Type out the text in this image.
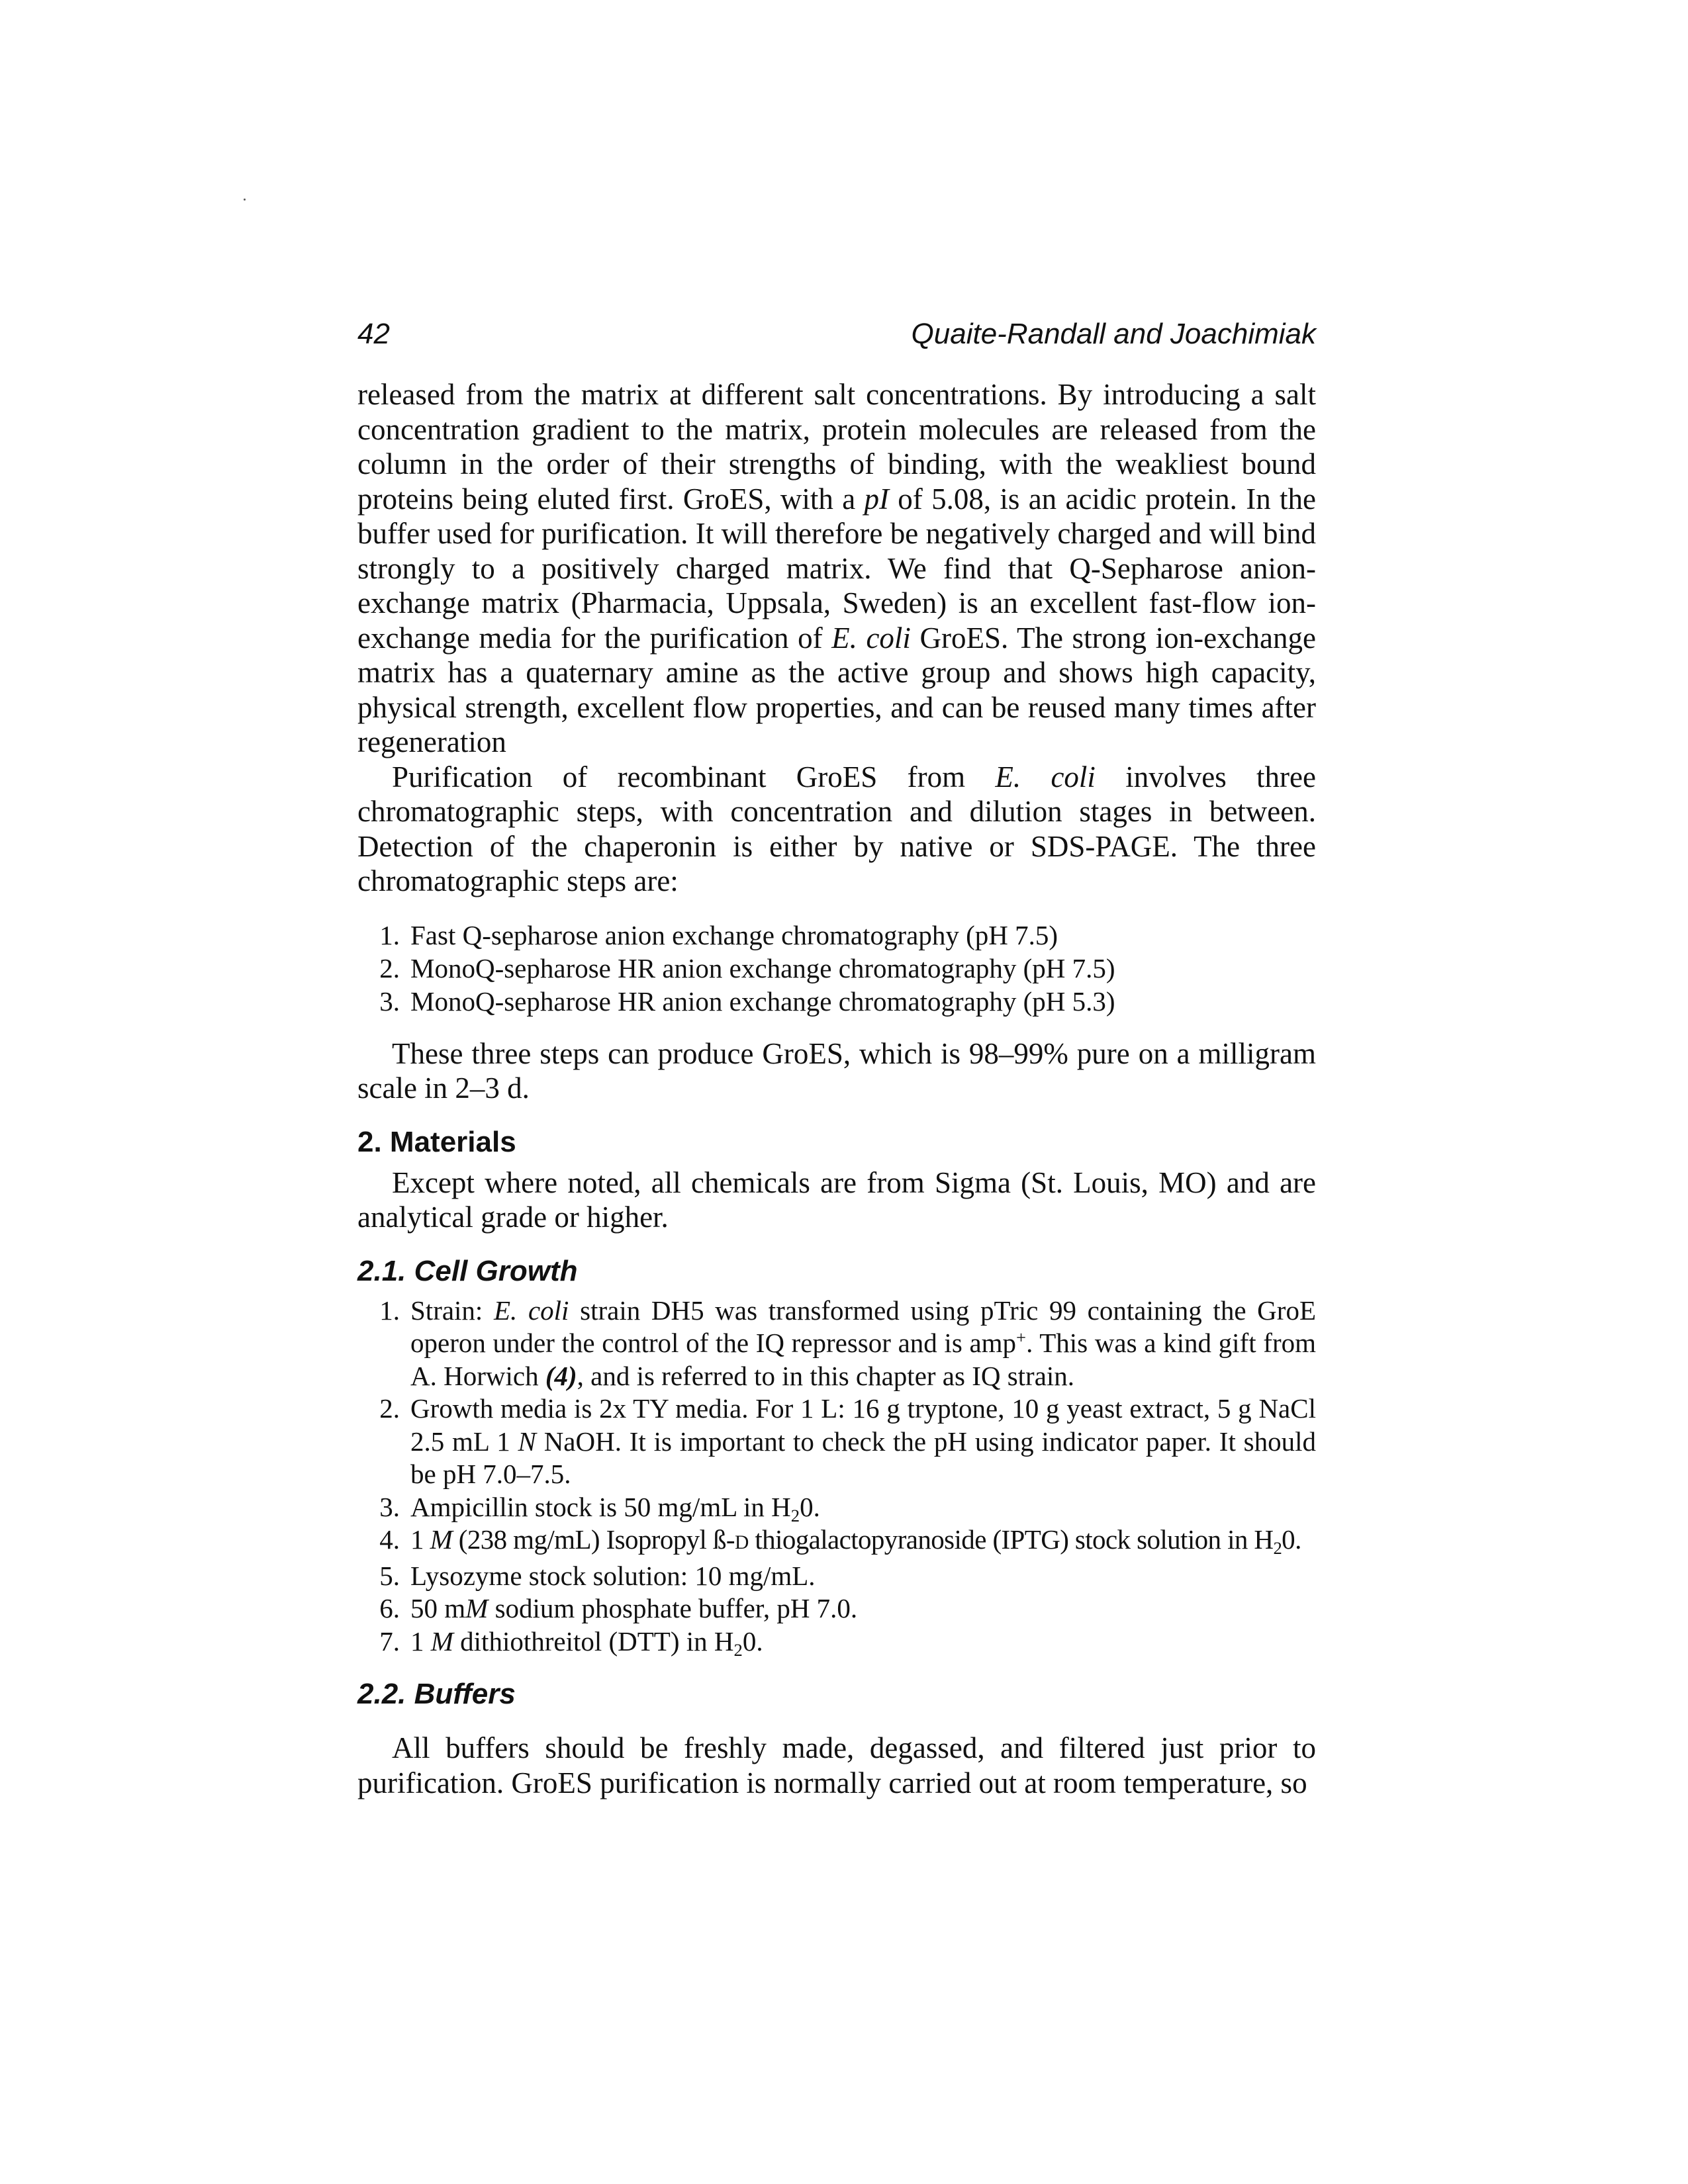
42	Quaite-Randall and Joachimiak

released from the matrix at different salt concentrations. By introducing a salt concentration gradient to the matrix, protein molecules are released from the column in the order of their strengths of binding, with the weakliest bound proteins being eluted first. GroES, with a pI of 5.08, is an acidic protein. In the buffer used for purification. It will therefore be negatively charged and will bind strongly to a positively charged matrix. We find that Q-Sepharose anion-exchange matrix (Pharmacia, Uppsala, Sweden) is an excellent fast-flow ion-exchange media for the purification of E. coli GroES. The strong ion-exchange matrix has a quaternary amine as the active group and shows high capacity, physical strength, excellent flow properties, and can be reused many times after regeneration

Purification of recombinant GroES from E. coli involves three chromatographic steps, with concentration and dilution stages in between. Detection of the chaperonin is either by native or SDS-PAGE. The three chromatographic steps are:

1. Fast Q-sepharose anion exchange chromatography (pH 7.5)
2. MonoQ-sepharose HR anion exchange chromatography (pH 7.5)
3. MonoQ-sepharose HR anion exchange chromatography (pH 5.3)

These three steps can produce GroES, which is 98–99% pure on a milligram scale in 2–3 d.

2. Materials

Except where noted, all chemicals are from Sigma (St. Louis, MO) and are analytical grade or higher.

2.1. Cell Growth
1. Strain: E. coli strain DH5 was transformed using pTric 99 containing the GroE operon under the control of the IQ repressor and is amp+. This was a kind gift from A. Horwich (4), and is referred to in this chapter as IQ strain.
2. Growth media is 2x TY media. For 1 L: 16 g tryptone, 10 g yeast extract, 5 g NaCl 2.5 mL 1 N NaOH. It is important to check the pH using indicator paper. It should be pH 7.0–7.5.
3. Ampicillin stock is 50 mg/mL in $H_20$.
4. 1 M (238 mg/mL) Isopropyl ß-D thiogalactopyranoside (IPTG) stock solution in $H_20$.
5. Lysozyme stock solution: 10 mg/mL.
6. 50 mM sodium phosphate buffer, pH 7.0.
7. 1 M dithiothreitol (DTT) in $H_20$.
2.2. Buffers

All buffers should be freshly made, degassed, and filtered just prior to purification. GroES purification is normally carried out at room temperature, so
